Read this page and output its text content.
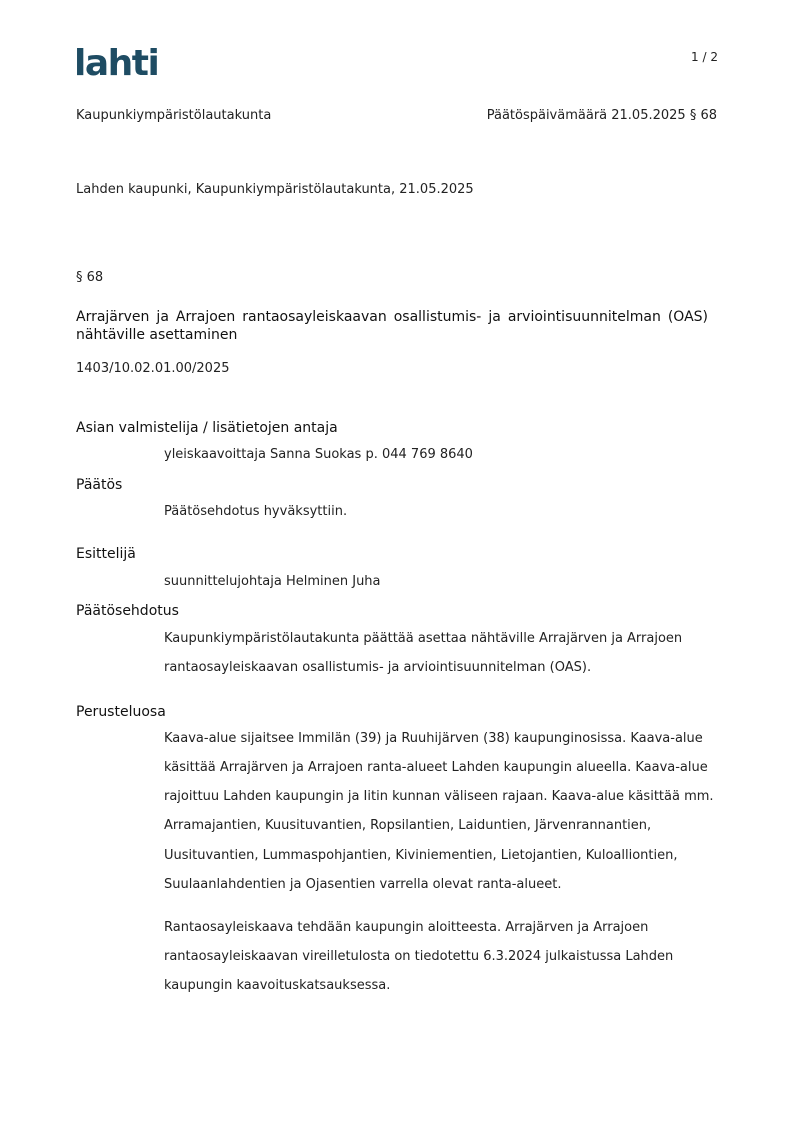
lahti	1 / 2
Kaupunkiympäristölautakunta	Päätöspäivämäärä 21.05.2025 § 68
Lahden kaupunki, Kaupunkiympäristölautakunta, 21.05.2025
§ 68
Arrajärven ja Arrajoen rantaosayleiskaavan osallistumis- ja arviointisuunnitelman (OAS) nähtäville asettaminen
1403/10.02.01.00/2025
Asian valmistelija / lisätietojen antaja
yleiskaavoittaja Sanna Suokas p. 044 769 8640
Päätös
Päätösehdotus hyväksyttiin.
Esittelijä
suunnittelujohtaja Helminen Juha
Päätösehdotus
Kaupunkiympäristölautakunta päättää asettaa nähtäville Arrajärven ja Arrajoen
rantaosayleiskaavan osallistumis- ja arviointisuunnitelman (OAS).
Perusteluosa
Kaava-alue sijaitsee Immilän (39) ja Ruuhijärven (38) kaupunginosissa. Kaava-alue
käsittää Arrajärven ja Arrajoen ranta-alueet Lahden kaupungin alueella. Kaava-alue
rajoittuu Lahden kaupungin ja Iitin kunnan väliseen rajaan. Kaava-alue käsittää mm.
Arramajantien, Kuusituvantien, Ropsilantien, Laiduntien, Järvenrannantien,
Uusituvantien, Lummaspohjantien, Kiviniementien, Lietojantien, Kuloalliontien,
Suulaanlahdentien ja Ojasentien varrella olevat ranta-alueet.
Rantaosayleiskaava tehdään kaupungin aloitteesta. Arrajärven ja Arrajoen
rantaosayleiskaavan vireilletulosta on tiedotettu 6.3.2024 julkaistussa Lahden
kaupungin kaavoituskatsauksessa.
